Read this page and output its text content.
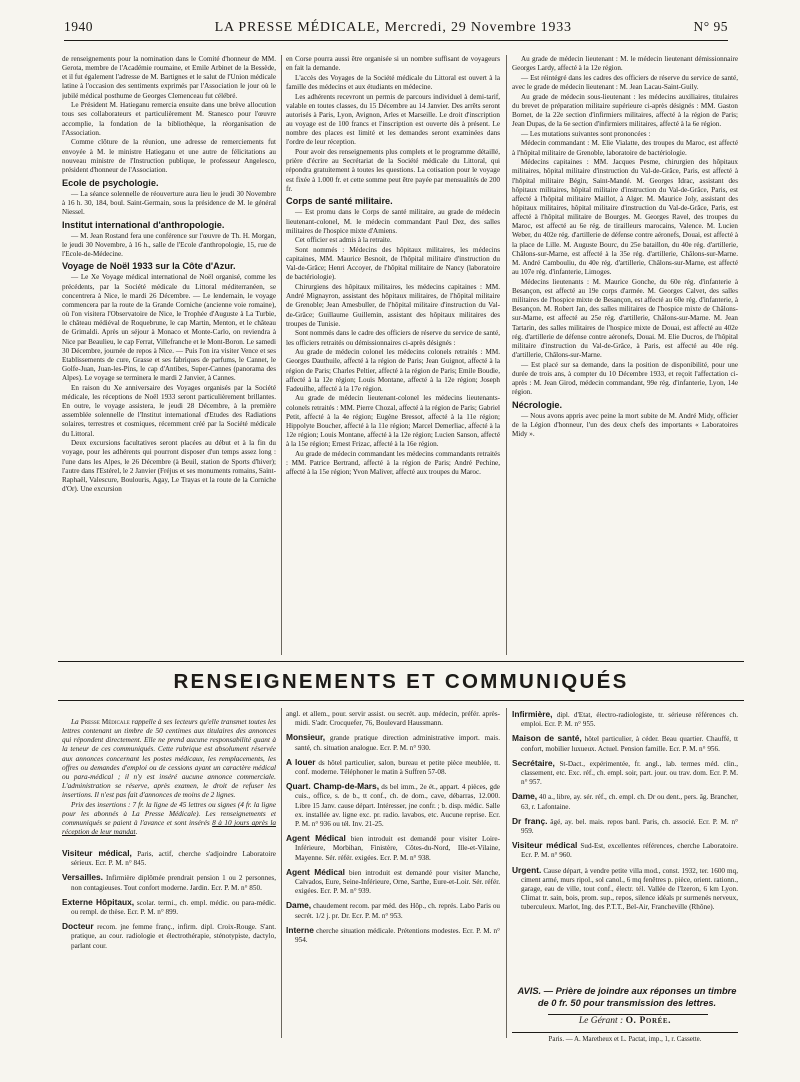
1940	LA PRESSE MÉDICALE, Mercredi, 29 Novembre 1933	N° 95

de renseignements pour la nomination dans le Comité d'honneur de MM. Gerota, membre de l'Académie roumaine, et Emile Arbinet de la Bessède, et il fut également l'adresse de M. Bartignes et le salut de l'Union médicale latine à l'occasion des sentiments exprimés par l'Association le jour où le jubilé médical posthume de Georges Clemenceau fut célébré.

Le Président M. Hatieganu remercia ensuite dans une brève allocution tous ses collaborateurs et particulièrement M. Stanesco pour l'œuvre accomplie, la fondation de la bibliothèque, la réorganisation de l'Association.

Comme clôture de la réunion, une adresse de remerciements fut envoyée à M. le ministre Hatieganu et une autre de félicitations au nouveau ministre de l'Instruction publique, le professeur Angelesco, président d'honneur de l'Association.

Ecole de psychologie.

— La séance solennelle de réouverture aura lieu le jeudi 30 Novembre à 16 h. 30, 184, boul. Saint-Germain, sous la présidence de M. le général Niessel.

Institut international d'anthropologie.

— M. Jean Rostand fera une conférence sur l'œuvre de Th. H. Morgan, le jeudi 30 Novembre, à 16 h., salle de l'Ecole d'anthropologie, 15, rue de l'Ecole-de-Médecine.

Voyage de Noël 1933 sur la Côte d'Azur.

— Le Xe Voyage médical international de Noël organisé, comme les précédents, par la Société médicale du Littoral méditerranéen, se concentrera à Nice, le mardi 26 Décembre. — Le lendemain, le voyage commencera par la route de la Grande Corniche (ancienne voie romaine), où l'on visitera l'Observatoire de Nice, le Trophée d'Auguste à La Turbie, le château médiéval de Roquebrune, le cap Martin, Menton, et le château de Grimaldi. Après un séjour à Monaco et Monte-Carlo, on reviendra à Nice par Beaulieu, le cap Ferrat, Villefranche et le Mont-Boron. Le samedi 30 Décembre, journée de repos à Nice. — Puis l'on ira visiter Vence et ses Etablissements de cure, Grasse et ses fabriques de parfums, le Cannet, le Golfe-Juan, Juan-les-Pins, le cap d'Antibes, Super-Cannes (panorama des Alpes). Le voyage se terminera le mardi 2 Janvier, à Cannes.

En raison du Xe anniversaire des Voyages organisés par la Société médicale, les réceptions de Noël 1933 seront particulièrement brillantes. En outre, le voyage assistera, le jeudi 28 Décembre, à la première assemblée solennelle de l'Institut international d'Etudes des Radiations solaires, terrestres et cosmiques, récemment créé par la Société médicale du Littoral.

Deux excursions facultatives seront placées au début et à la fin du voyage, pour les adhérents qui pourront disposer d'un temps assez long : l'une dans les Alpes, le 26 Décembre (à Beuil, station de Sports d'hiver); l'autre dans l'Estérel, le 2 Janvier (Fréjus et ses monuments romains, Saint-Raphaël, Valescure, Boulouris, Agay, Le Trayas et la route de la Corniche d'Or). Une excursion

en Corse pourra aussi être organisée si un nombre suffisant de voyageurs en fait la demande.

L'accès des Voyages de la Société médicale du Littoral est ouvert à la famille des médecins et aux étudiants en médecine.

Les adhérents recevront un permis de parcours individuel à demi-tarif, valable en toutes classes, du 15 Décembre au 14 Janvier. Des arrêts seront autorisés à Paris, Lyon, Avignon, Arles et Marseille. Le droit d'inscription au voyage est de 100 francs et l'inscription est ouverte dès à présent. Le nombre des places est limité et les demandes seront examinées dans l'ordre de leur réception.

Pour avoir des renseignements plus complets et le programme détaillé, prière d'écrire au Secrétariat de la Société médicale du Littoral, qui répondra gratuitement à toutes les questions. La cotisation pour le voyage est fixée à 1.000 fr. et cette somme peut être payée par mensualités de 200 fr.

Corps de santé militaire.

— Est promu dans le Corps de santé militaire, au grade de médecin lieutenant-colonel, M. le médecin commandant Paul Dez, des salles militaires de l'hospice mixte d'Amiens.

Cet officier est admis à la retraite.

Sont nommés : Médecins des hôpitaux militaires, les médecins capitaines, MM. Maurice Besnoit, de l'hôpital militaire d'instruction du Val-de-Grâce; Henri Accoyer, de l'hôpital militaire de Nancy (laboratoire de bactériologie).

Chirurgiens des hôpitaux militaires, les médecins capitaines : MM. André Mignayron, assistant des hôpitaux militaires, de l'hôpital militaire de Grenoble; Jean Amesbuller, de l'hôpital militaire d'instruction du Val-de-Grâce; Guillaume Guillemin, assistant des hôpitaux militaires des troupes de Tunisie.

Sont nommés dans le cadre des officiers de réserve du service de santé, les officiers retraités ou démissionnaires ci-après désignés :

Au grade de médecin colonel les médecins colonels retraités : MM. Georges Dauthuile, affecté à la région de Paris; Jean Guignot, affecté à la région de Paris; Charles Peltier, affecté à la région de Paris; Emile Boudie, affecté à la 12e région; Louis Montane, affecté à la 12e région; Joseph Fadeuilhe, affecté à la 17e région.

Au grade de médecin lieutenant-colonel les médecins lieutenants-colonels retraités : MM. Pierre Chozal, affecté à la région de Paris; Gabriel Petit, affecté à la 4e région; Eugène Bressot, affecté à la 11e région; Hippolyte Boucher, affecté à la 11e région; Marcel Demerliac, affecté à la 12e région; Louis Montane, affecté à la 12e région; Lucien Sanson, affecté à la 15e région; Ernest Frizac, affecté à la 16e région.

Au grade de médecin commandant les médecins commandants retraités : MM. Patrice Bertrand, affecté à la région de Paris; André Pechine, affecté à la 15e région; Yvon Maliver, affecté aux troupes du Maroc.

Au grade de médecin lieutenant : M. le médecin lieutenant démissionnaire Georges Lardy, affecté à la 12e région.

— Est réintégré dans les cadres des officiers de réserve du service de santé, avec le grade de médecin lieutenant : M. Jean Lacau-Saint-Guily.

Au grade de médecin sous-lieutenant : les médecins auxiliaires, titulaires du brevet de préparation militaire supérieure ci-après désignés : MM. Gaston Bornet, de la 22e section d'infirmiers militaires, affecté à la région de Paris; Jean Dupas, de la 6e section d'infirmiers militaires, affecté à la 6e région.

— Les mutations suivantes sont prononcées :

Médecin commandant : M. Elie Vialatte, des troupes du Maroc, est affecté à l'hôpital militaire de Grenoble, laboratoire de bactériologie.

Médecins capitaines : MM. Jacques Pesme, chirurgien des hôpitaux militaires, hôpital militaire d'instruction du Val-de-Grâce, Paris, est affecté à l'hôpital militaire Bégin, Saint-Mandé. M. Georges Idrac, assistant des hôpitaux militaires, hôpital militaire d'instruction du Val-de-Grâce, Paris, est affecté à l'hôpital militaire Maillot, à Alger. M. Maurice Joly, assistant des hôpitaux militaires, hôpital militaire d'instruction du Val-de-Grâce, Paris, est affecté à l'hôpital militaire de Bourges. M. Georges Ravel, des troupes du Maroc, est affecté au 6e rég. de tirailleurs marocains, Valence. M. Lucien Weber, du 402e rég. d'artillerie de défense contre aéronefs, Douai, est affecté à la place de Lille. M. Auguste Bourc, du 25e bataillon, du 40e rég. d'artillerie, Châlons-sur-Marne, est affecté à la 35e rég. d'artillerie, Châlons-sur-Marne. M. André Cambouliu, du 40e rég. d'artillerie, Châlons-sur-Marne, est affecté au 107e rég. d'infanterie, Limoges.

Médecins lieutenants : M. Maurice Gonche, du 60e rég. d'infanterie à Besançon, est affecté au 19e corps d'armée. M. Georges Calvet, des salles militaires de l'hospice mixte de Besançon, est affecté au 60e rég. d'infanterie, à Besançon. M. Robert Jan, des salles militaires de l'hospice mixte de Châlons-sur-Marne, est affecté au 25e rég. d'artillerie, Châlons-sur-Marne. M. Jean Tartarin, des salles militaires de l'hospice mixte de Douai, est affecté au 402e rég. d'artillerie de défense contre aéronefs, Douai. M. Elie Ducros, de l'hôpital militaire d'instruction du Val-de-Grâce, à Paris, est affecté au 40e rég. d'artillerie, Châlons-sur-Marne.

— Est placé sur sa demande, dans la position de disponibilité, pour une durée de trois ans, à compter du 10 Décembre 1933, et reçoit l'affectation ci-après : M. Jean Girod, médecin commandant, 99e rég. d'infanterie, Lyon, 14e région.

Nécrologie.

— Nous avons appris avec peine la mort subite de M. André Midy, officier de la Légion d'honneur, l'un des deux chefs des importants « Laboratoires Midy ».

RENSEIGNEMENTS ET COMMUNIQUÉS

La Presse Médicale rappelle à ses lecteurs qu'elle transmet toutes les lettres contenant un timbre de 50 centimes aux titulaires des annonces qui répondent directement. Elle ne prend aucune responsabilité quant à la teneur de ces communiqués. Cette rubrique est absolument réservée aux annonces concernant les postes médicaux, les remplacements, les offres ou demandes d'emploi ou de cessions ayant un caractère médical ou para-médical ; il n'y est inséré aucune annonce commerciale. L'administration se réserve, après examen, le droit de refuser les insertions. Il n'est pas fait d'annonces de moins de 2 lignes.

Prix des insertions : 7 fr. la ligne de 45 lettres ou signes (4 fr. la ligne pour les abonnés à La Presse Médicale). Les renseignements et communiqués se paient à l'avance et sont insérés 8 à 10 jours après la réception de leur mandat.

Visiteur médical, Paris, actif, cherche s'adjoindre Laboratoire sérieux. Ecr. P. M. n° 845.
Versailles. Infirmière diplômée prendrait pension 1 ou 2 personnes, non contagieuses. Tout confort moderne. Jardin. Ecr. P. M. n° 850.
Externe Hôpitaux, scolar. termi., ch. empl. médic. ou para-médic. ou rempl. de thèse. Ecr. P. M. n° 899.
Docteur recom. jne femme franç., infirm. dipl. Croix-Rouge. S'ant. pratique, au cour. radiologie et électrothérapie, sténotypiste, dactylo, parlant cour.
angl. et allem., pour. servir assist. ou secrét. aup. médecin, préfér. après-midi. S'adr. Crocquefer, 76, Boulevard Haussmann.
Monsieur, grande pratique direction administrative import. mais. santé, ch. situation analogue. Ecr. P. M. n° 930.
A louer ds hôtel particulier, salon, bureau et petite pièce meublée, tt. conf. moderne. Téléphoner le matin à Suffren 57-08.
Quart. Champ-de-Mars, ds bel imm., 2e ét., appart. 4 pièces, gde cuis., office, s. de b., tt conf., ch. de dom., cave, débarras, 12.000. Libre 15 Janv. cause départ. Intéresser, jne confr. ; b. disp. médic. Salle ex. installée av. ligne exc. pr. radio. lavabos, etc. Aucune reprise. Ecr. P. M. n° 936 ou tél. Inv. 21-25.
Agent Médical bien introduit est demandé pour visiter Loire-Inférieure, Morbihan, Finistère, Côtes-du-Nord, Ille-et-Vilaine, Mayenne. Sér. référ. exigées. Ecr. P. M. n° 938.
Agent Médical bien introduit est demandé pour visiter Manche, Calvados, Eure, Seine-Inférieure, Orne, Sarthe, Eure-et-Loir. Sér. référ. exigées. Ecr. P. M. n° 939.
Dame, chaudement recom. par méd. des Hôp., ch. représ. Labo Paris ou secrét. 1/2 j. pr. Dr. Ecr. P. M. n° 953.
Interne cherche situation médicale. Prétentions modestes. Ecr. P. M. n° 954.
Infirmière, dipl. d'Etat, électro-radiologiste, tr. sérieuse références ch. emploi. Ecr. P. M. n° 955.
Maison de santé, hôtel particulier, à céder. Beau quartier. Chauffé, tt confort, mobilier luxueux. Actuel. Pension famille. Ecr. P. M. n° 956.
Secrétaire, St-Dact., expérimentée, fr. angl., lab. termes méd. clin., classement, etc. Exc. réf., ch. empl. soir, part. jour. ou trav. dom. Ecr. P. M. n° 957.
Dame, 40 a., libre, ay. sér. réf., ch. empl. ch. Dr ou dent., pers. âg. Brancher, 63, r. Lafontaine.
Dr franç. âgé, ay. bel. mais. repos banl. Paris, ch. associé. Ecr. P. M. n° 959.
Visiteur médical Sud-Est, excellentes références, cherche Laboratoire. Ecr. P. M. n° 960.
Urgent. Cause départ, à vendre petite villa mod., const. 1932, ter. 1600 mq, ciment armé, murs ripol., sol canol., 6 mq fenêtres p. pièce, orient. rationn., garage, eau de ville, tout conf., électr. tél. Vallée de l'Izeron, 6 km Lyon. Climat tr. sain, bois, prom. sup., repos, silence idéals pr surmenés nerveux, tuberculeux. Marlot, Ing. des P.T.T., Bel-Air, Francheville (Rhône).
AVIS. — Prière de joindre aux réponses un timbre de 0 fr. 50 pour transmission des lettres.
Le Gérant : O. Porée.
Paris. — A. Maretheux et L. Pactat, imp., 1, r. Cassette.
